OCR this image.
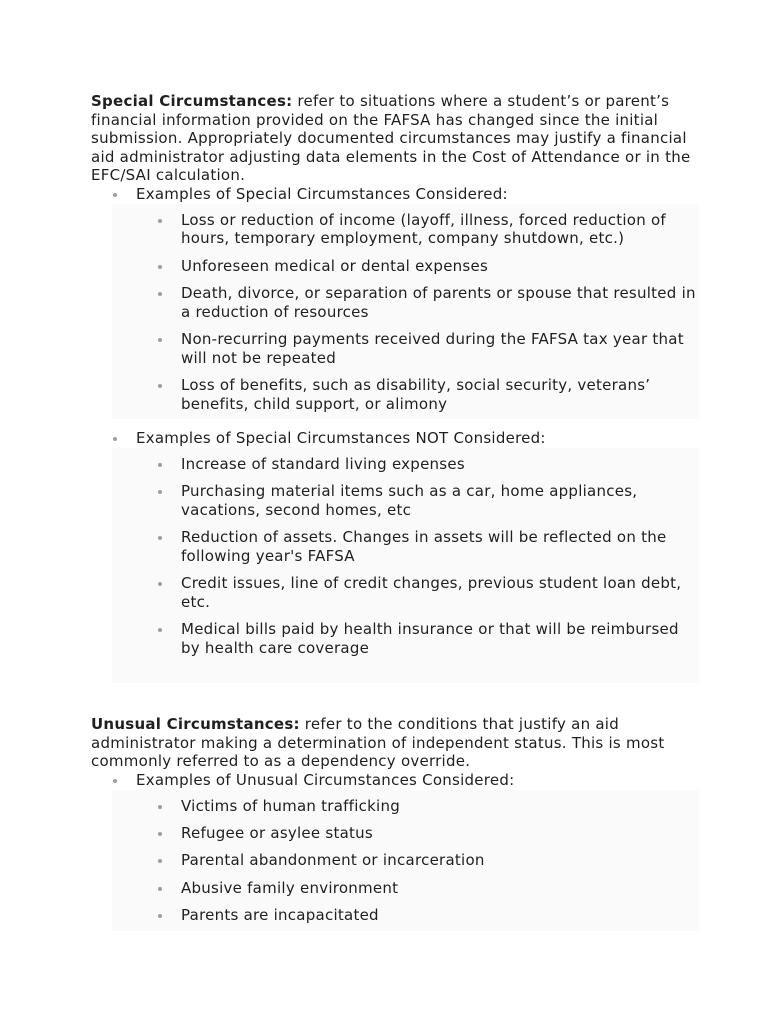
Special Circumstances: refer to situations where a student’s or parent’s financial information provided on the FAFSA has changed since the initial submission. Appropriately documented circumstances may justify a financial aid administrator adjusting data elements in the Cost of Attendance or in the EFC/SAI calculation.

Examples of Special Circumstances Considered:
Loss or reduction of income (layoff, illness, forced reduction of hours, temporary employment, company shutdown, etc.)
Unforeseen medical or dental expenses
Death, divorce, or separation of parents or spouse that resulted in a reduction of resources
Non-recurring payments received during the FAFSA tax year that will not be repeated
Loss of benefits, such as disability, social security, veterans’ benefits, child support, or alimony
Examples of Special Circumstances NOT Considered:
Increase of standard living expenses
Purchasing material items such as a car, home appliances, vacations, second homes, etc
Reduction of assets. Changes in assets will be reflected on the following year's FAFSA
Credit issues, line of credit changes, previous student loan debt, etc.
Medical bills paid by health insurance or that will be reimbursed by health care coverage

Unusual Circumstances: refer to the conditions that justify an aid administrator making a determination of independent status. This is most commonly referred to as a dependency override.

Examples of Unusual Circumstances Considered:
Victims of human trafficking
Refugee or asylee status
Parental abandonment or incarceration
Abusive family environment
Parents are incapacitated
